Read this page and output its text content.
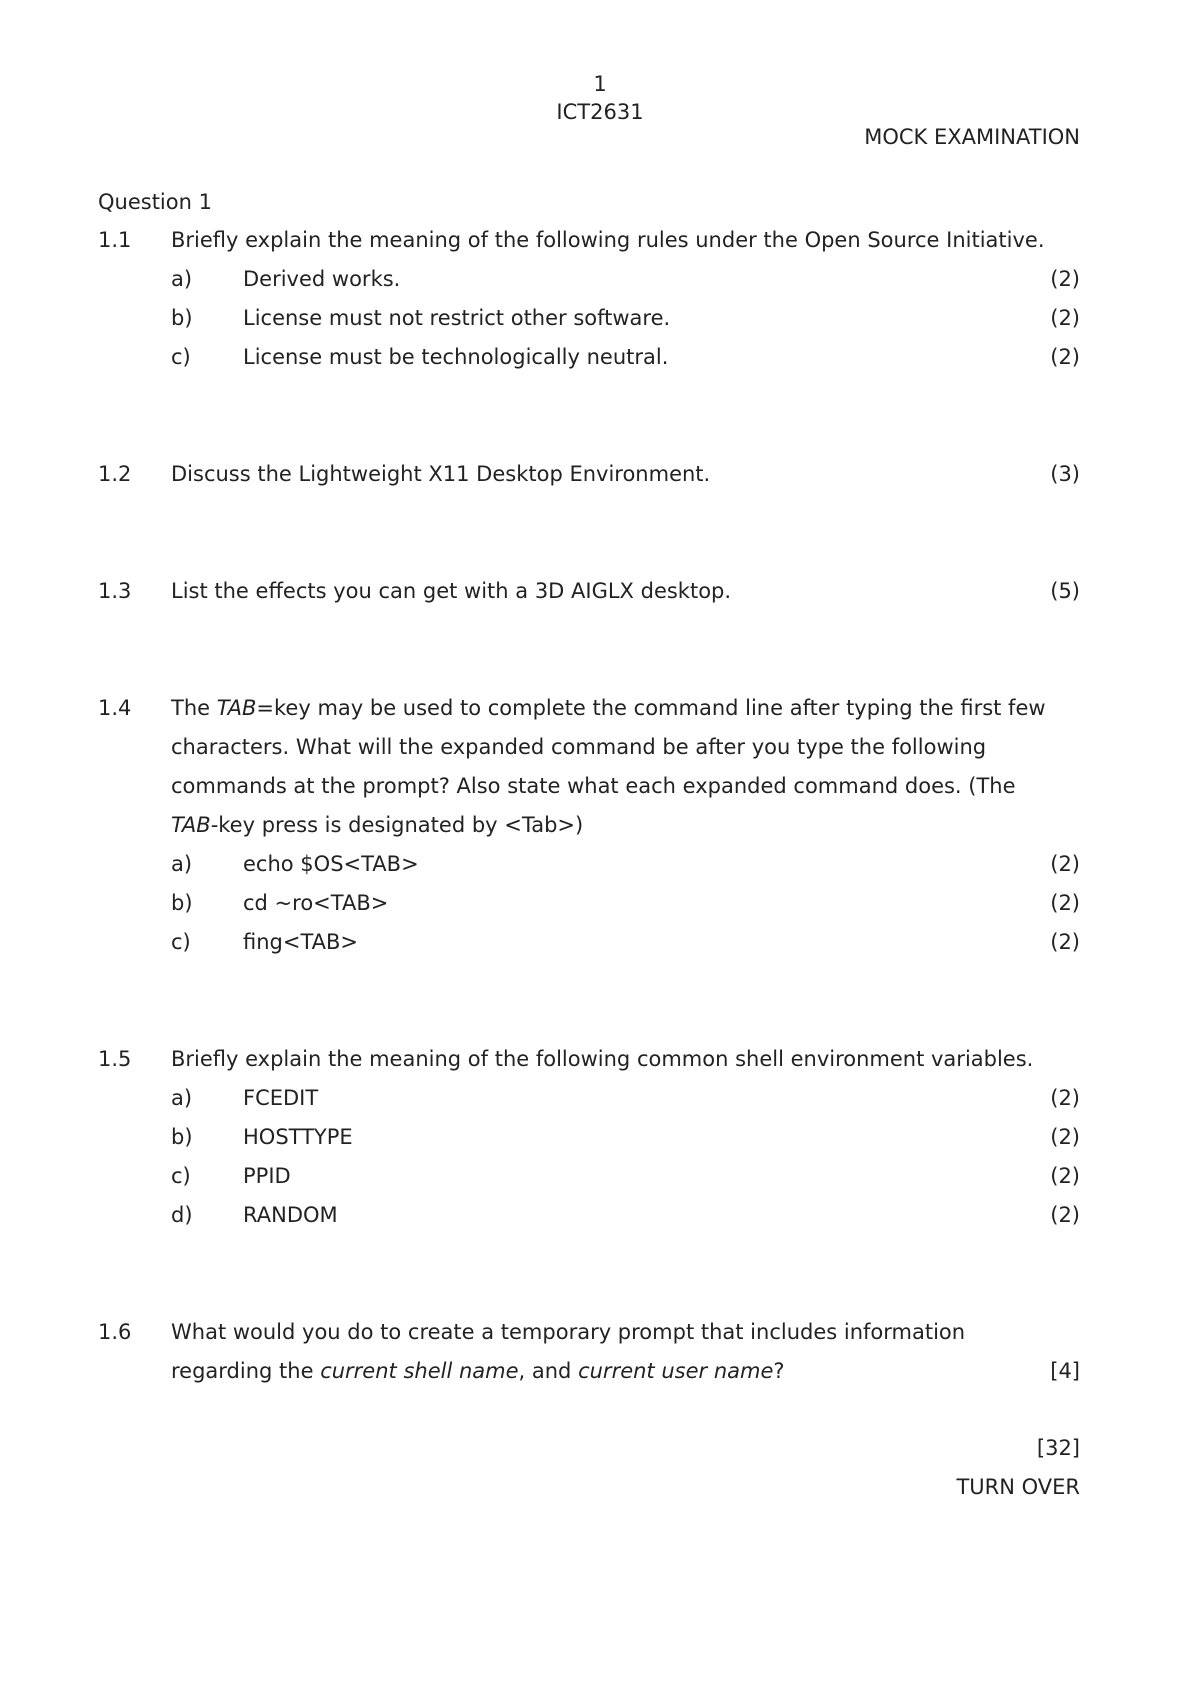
1
ICT2631
MOCK EXAMINATION
Question 1
1.1 Briefly explain the meaning of the following rules under the Open Source Initiative.
a) Derived works.	(2)
b) License must not restrict other software.	(2)
c) License must be technologically neutral.	(2)
1.2 Discuss the Lightweight X11 Desktop Environment.	(3)
1.3 List the effects you can get with a 3D AIGLX desktop.	(5)
1.4 The TAB=key may be used to complete the command line after typing the first few
characters. What will the expanded command be after you type the following
commands at the prompt? Also state what each expanded command does. (The
TAB-key press is designated by <Tab>)
a) echo $OS<TAB>	(2)
b) cd ~ro<TAB>	(2)
c) fing<TAB>	(2)
1.5 Briefly explain the meaning of the following common shell environment variables.
a) FCEDIT	(2)
b) HOSTTYPE	(2)
c) PPID	(2)
d) RANDOM	(2)
1.6 What would you do to create a temporary prompt that includes information
regarding the current shell name, and current user name?	[4]
[32]
TURN OVER
